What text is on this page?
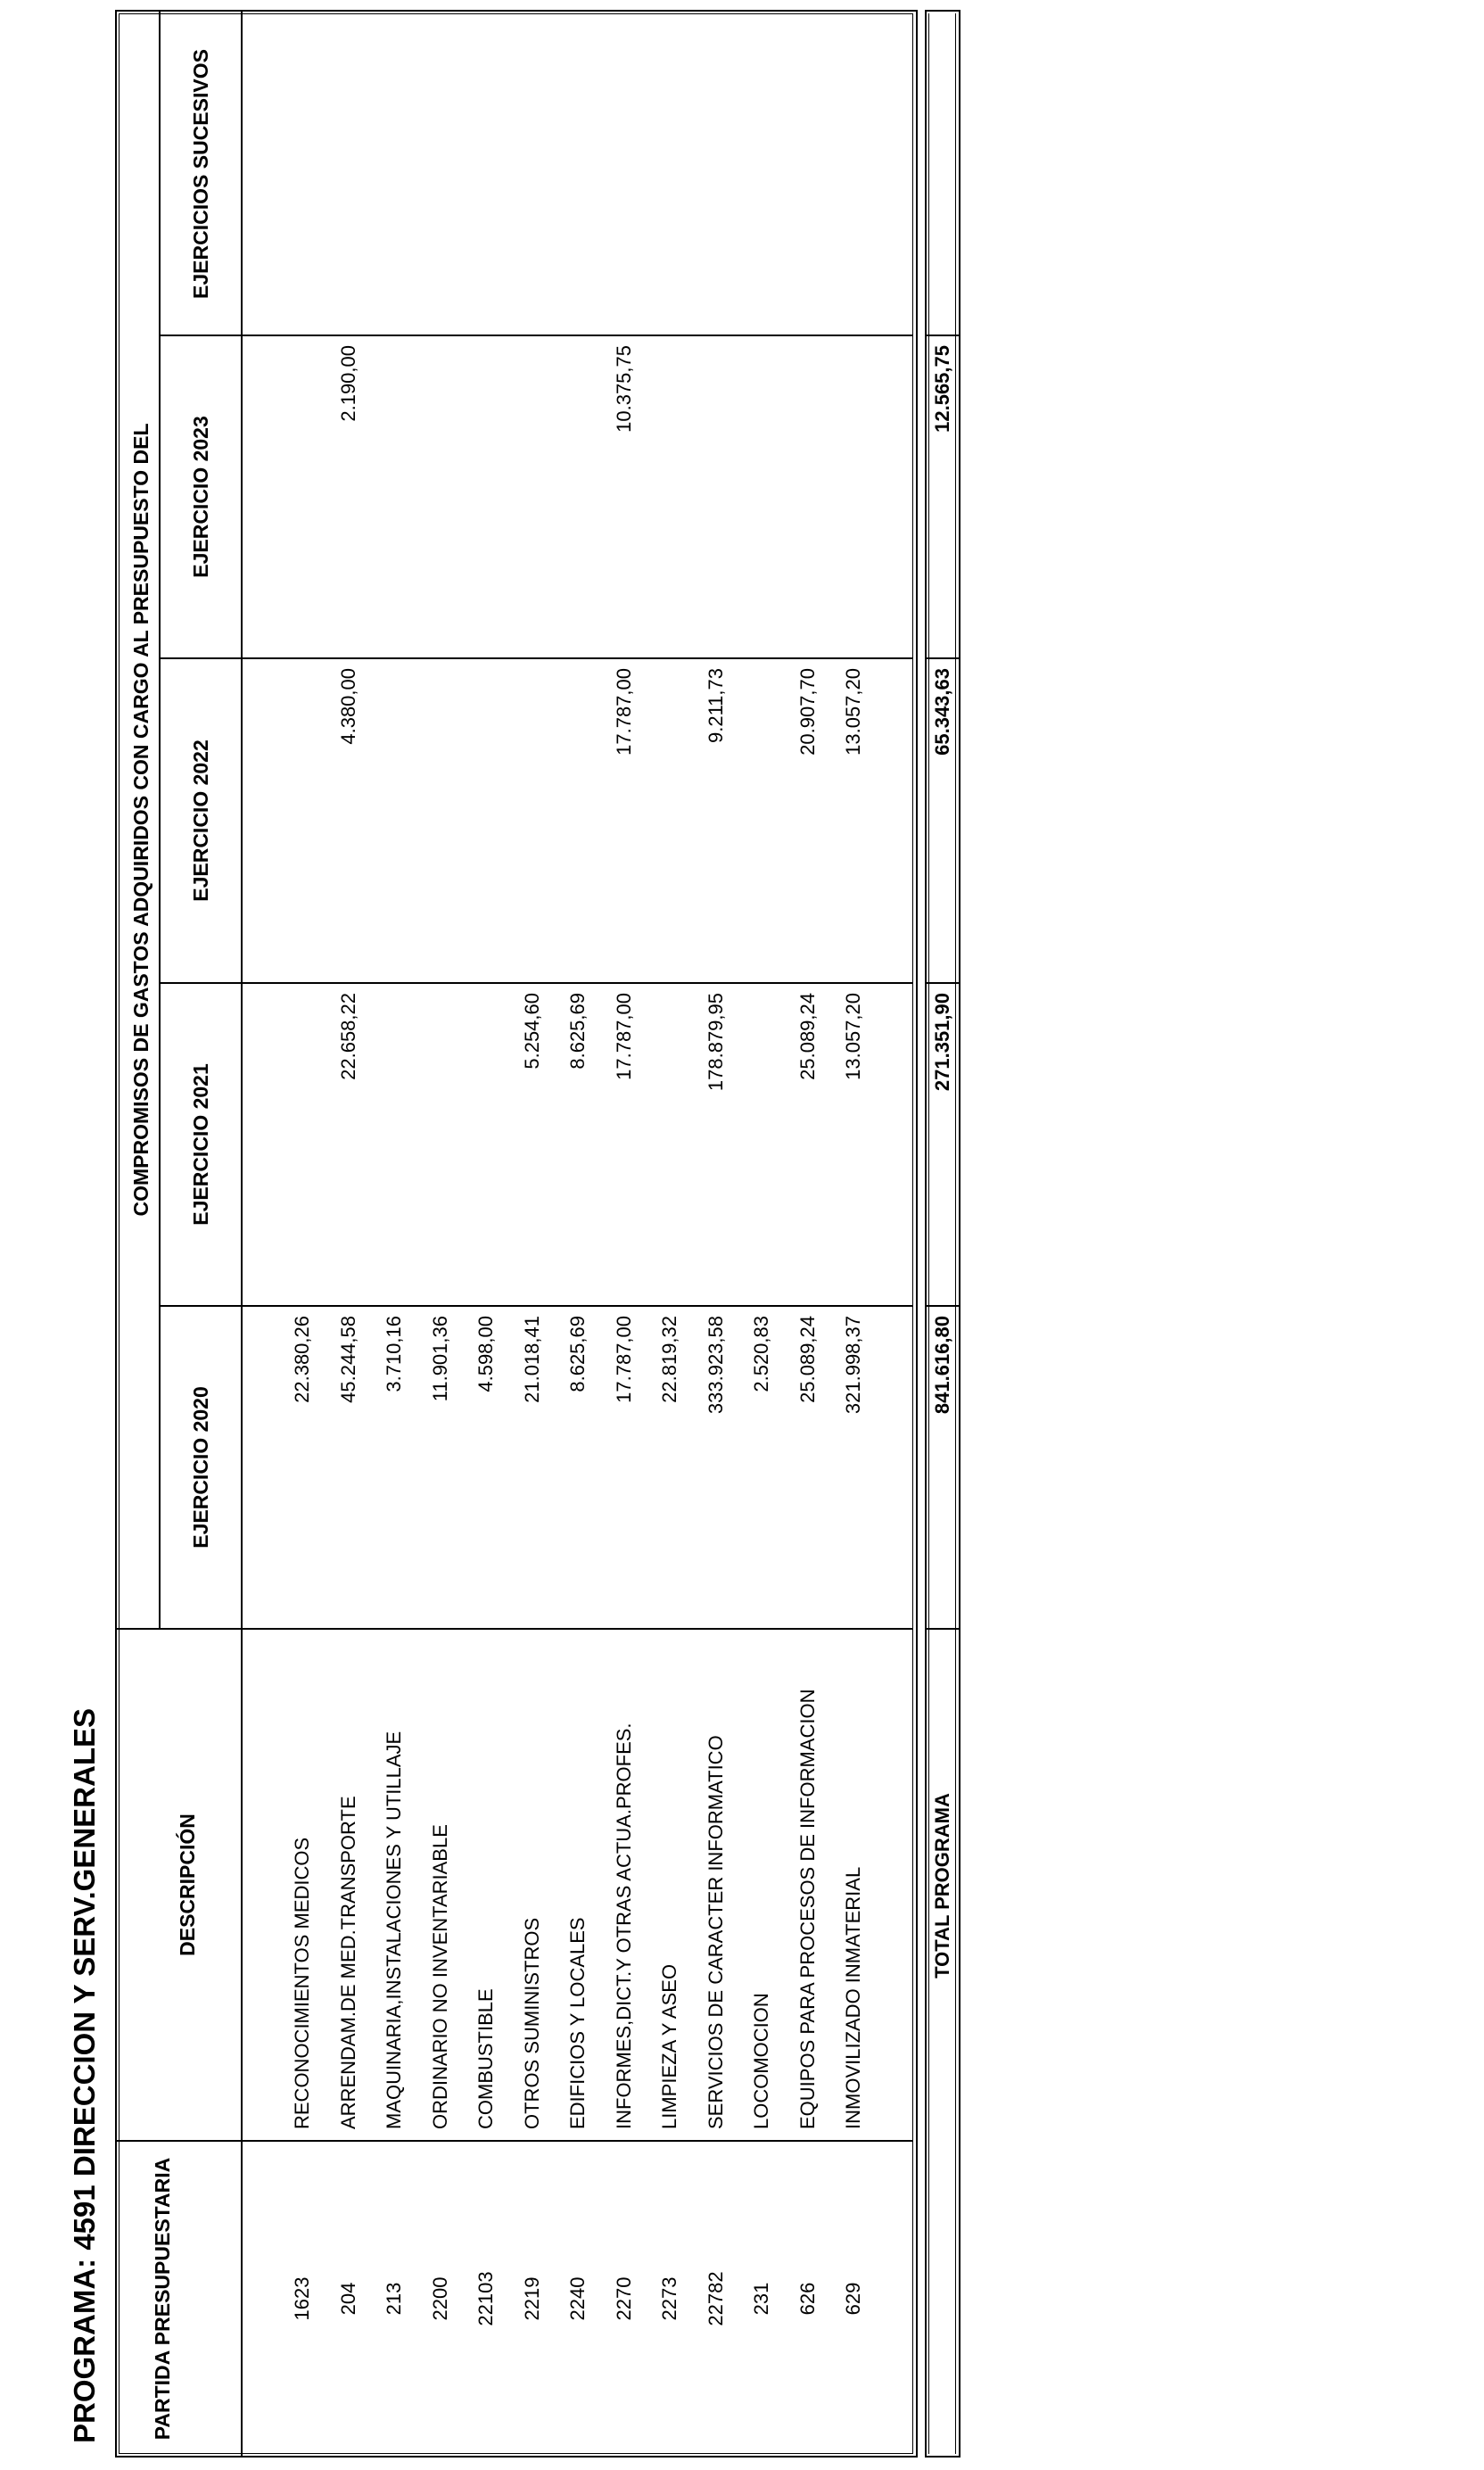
PROGRAMA: 4591 DIRECCION Y SERV.GENERALES PARTIDA PRESUPUESTARIA
DESCRIPCIÓN
COMPROMISOS DE GASTOS ADQUIRIDOS CON CARGO AL PRESUPUESTO DEL
EJERCICIO 2020
EJERCICIO 2021
EJERCICIO 2022
EJERCICIO 2023
EJERCICIOS SUCESIVOS
1623
RECONOCIMIENTOS MEDICOS
22.380,26
204
ARRENDAM.DE MED.TRANSPORTE
45.244,58
22.658,22
4.380,00
2.190,00
213
MAQUINARIA,INSTALACIONES Y UTILLAJE
3.710,16
2200
ORDINARIO NO INVENTARIABLE
11.901,36
22103
COMBUSTIBLE
4.598,00
2219
OTROS SUMINISTROS
21.018,41
5.254,60
2240
EDIFICIOS Y LOCALES
8.625,69
8.625,69
2270
INFORMES,DICT.Y OTRAS ACTUA.PROFES.
17.787,00
17.787,00
17.787,00
10.375,75
2273
LIMPIEZA Y ASEO
22.819,32
22782
SERVICIOS DE CARACTER INFORMATICO
333.923,58
178.879,95
9.211,73
231
LOCOMOCION
2.520,83
626
EQUIPOS PARA PROCESOS DE INFORMACION
25.089,24
25.089,24
20.907,70
629
INMOVILIZADO INMATERIAL
321.998,37
13.057,20
13.057,20
TOTAL PROGRAMA
841.616,80
271.351,90
65.343,63
12.565,75
